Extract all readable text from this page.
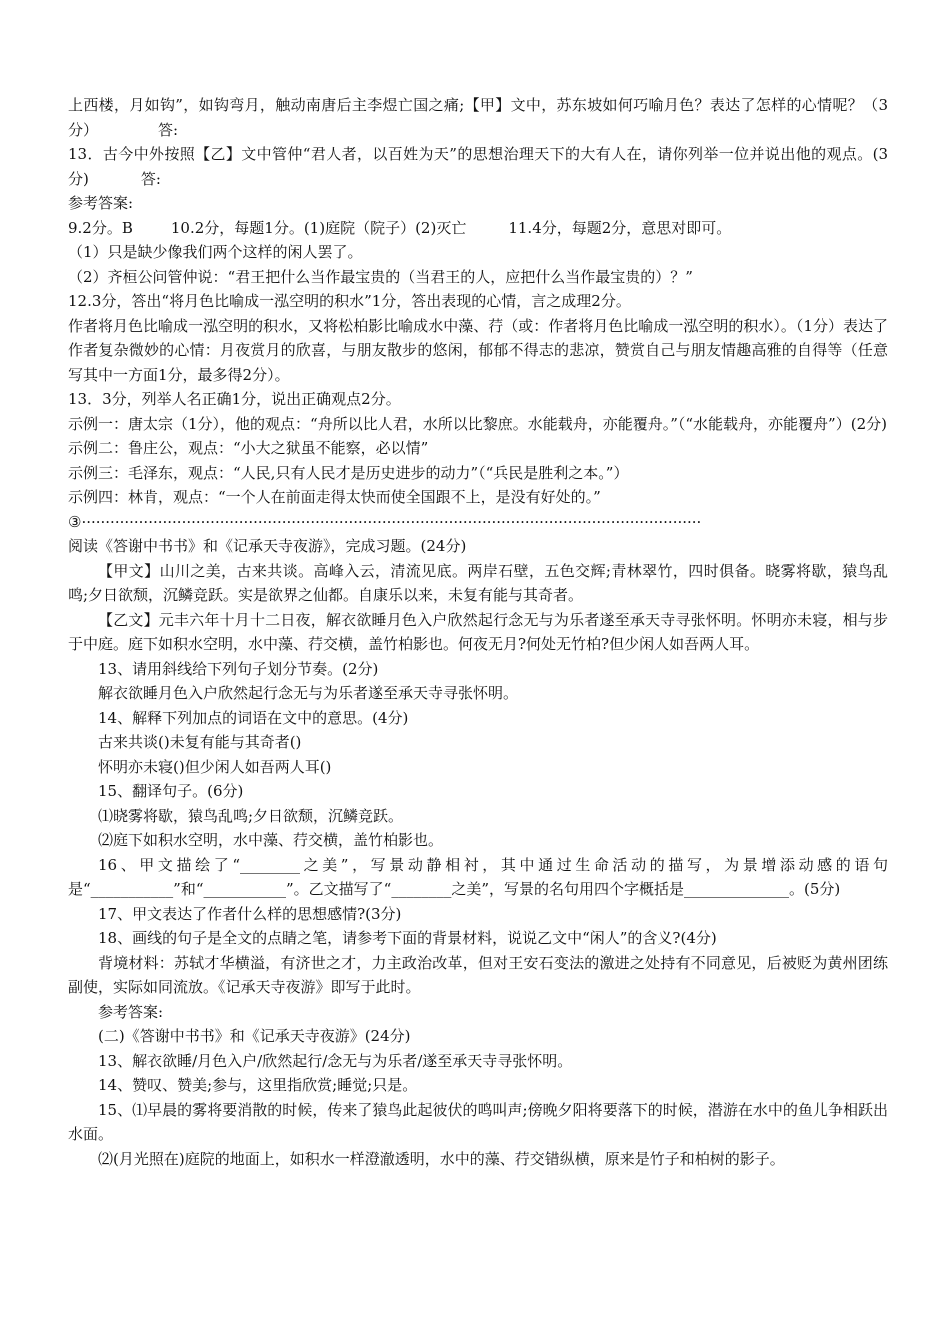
上西楼，月如钩”，如钩弯月，触动南唐后主李煜亡国之痛;【甲】文中，苏东坡如何巧喻月色？表达了怎样的心情呢？（3分）	答:

13．古今中外按照【乙】文中管仲“君人者，以百姓为天”的思想治理天下的大有人在，请你列举一位并说出他的观点。(3分)	答:

参考答案:

9.2分。B	10.2分，每题1分。(1)庭院（院子）(2)灭亡	11.4分，每题2分，意思对即可。

（1）只是缺少像我们两个这样的闲人罢了。

（2）齐桓公问管仲说：“君王把什么当作最宝贵的（当君王的人，应把什么当作最宝贵的）？”

12.3分，答出“将月色比喻成一泓空明的积水”1分，答出表现的心情，言之成理2分。

作者将月色比喻成一泓空明的积水，又将松柏影比喻成水中藻、荇（或：作者将月色比喻成一泓空明的积水）。（1分）表达了作者复杂微妙的心情：月夜赏月的欣喜，与朋友散步的悠闲，郁郁不得志的悲凉，赞赏自己与朋友情趣高雅的自得等（任意写其中一方面1分，最多得2分）。

13．3分，列举人名正确1分，说出正确观点2分。

示例一：唐太宗（1分），他的观点：“舟所以比人君，水所以比黎庶。水能载舟，亦能覆舟。”（“水能载舟，亦能覆舟”）(2分)

示例二：鲁庄公，观点：“小大之狱虽不能察，必以情”

示例三：毛泽东，观点：“人民,只有人民才是历史进步的动力”（“兵民是胜利之本。”）

示例四：林肯，观点：“一个人在前面走得太快而使全国跟不上，是没有好处的。”

③··································································································································

阅读《答谢中书书》和《记承天寺夜游》，完成习题。(24分)

【甲文】山川之美，古来共谈。高峰入云，清流见底。两岸石壁，五色交辉;青林翠竹，四时俱备。晓雾将歇，猿鸟乱鸣;夕日欲颓，沉鳞竞跃。实是欲界之仙都。自康乐以来，未复有能与其奇者。

【乙文】元丰六年十月十二日夜，解衣欲睡月色入户欣然起行念无与为乐者遂至承天寺寻张怀明。怀明亦未寝，相与步于中庭。庭下如积水空明，水中藻、荇交横，盖竹柏影也。何夜无月?何处无竹柏?但少闲人如吾两人耳。

13、请用斜线给下列句子划分节奏。(2分)

解衣欲睡月色入户欣然起行念无与为乐者遂至承天寺寻张怀明。

14、解释下列加点的词语在文中的意思。(4分)

古来共谈()未复有能与其奇者()

怀明亦未寝()但少闲人如吾两人耳()

15、翻译句子。(6分)

⑴晓雾将歇，猿鸟乱鸣;夕日欲颓，沉鳞竞跃。

⑵庭下如积水空明，水中藻、荇交横，盖竹柏影也。

16、甲文描绘了“________之美”，写景动静相衬，其中通过生命活动的描写，为景增添动感的语句是“___________”和“___________”。乙文描写了“________之美”，写景的名句用四个字概括是______________。(5分)

17、甲文表达了作者什么样的思想感情?(3分)

18、画线的句子是全文的点睛之笔，请参考下面的背景材料，说说乙文中“闲人”的含义?(4分)

背境材料：苏轼才华横溢，有济世之才，力主政治改革，但对王安石变法的激进之处持有不同意见，后被贬为黄州团练副使，实际如同流放。《记承天寺夜游》即写于此时。

参考答案:

(二)《答谢中书书》和《记承天寺夜游》(24分)

13、解衣欲睡/月色入户/欣然起行/念无与为乐者/遂至承天寺寻张怀明。

14、赞叹、赞美;参与，这里指欣赏;睡觉;只是。

15、⑴早晨的雾将要消散的时候，传来了猿鸟此起彼伏的鸣叫声;傍晚夕阳将要落下的时候，潜游在水中的鱼儿争相跃出水面。

⑵(月光照在)庭院的地面上，如积水一样澄澈透明，水中的藻、荇交错纵横，原来是竹子和柏树的影子。
